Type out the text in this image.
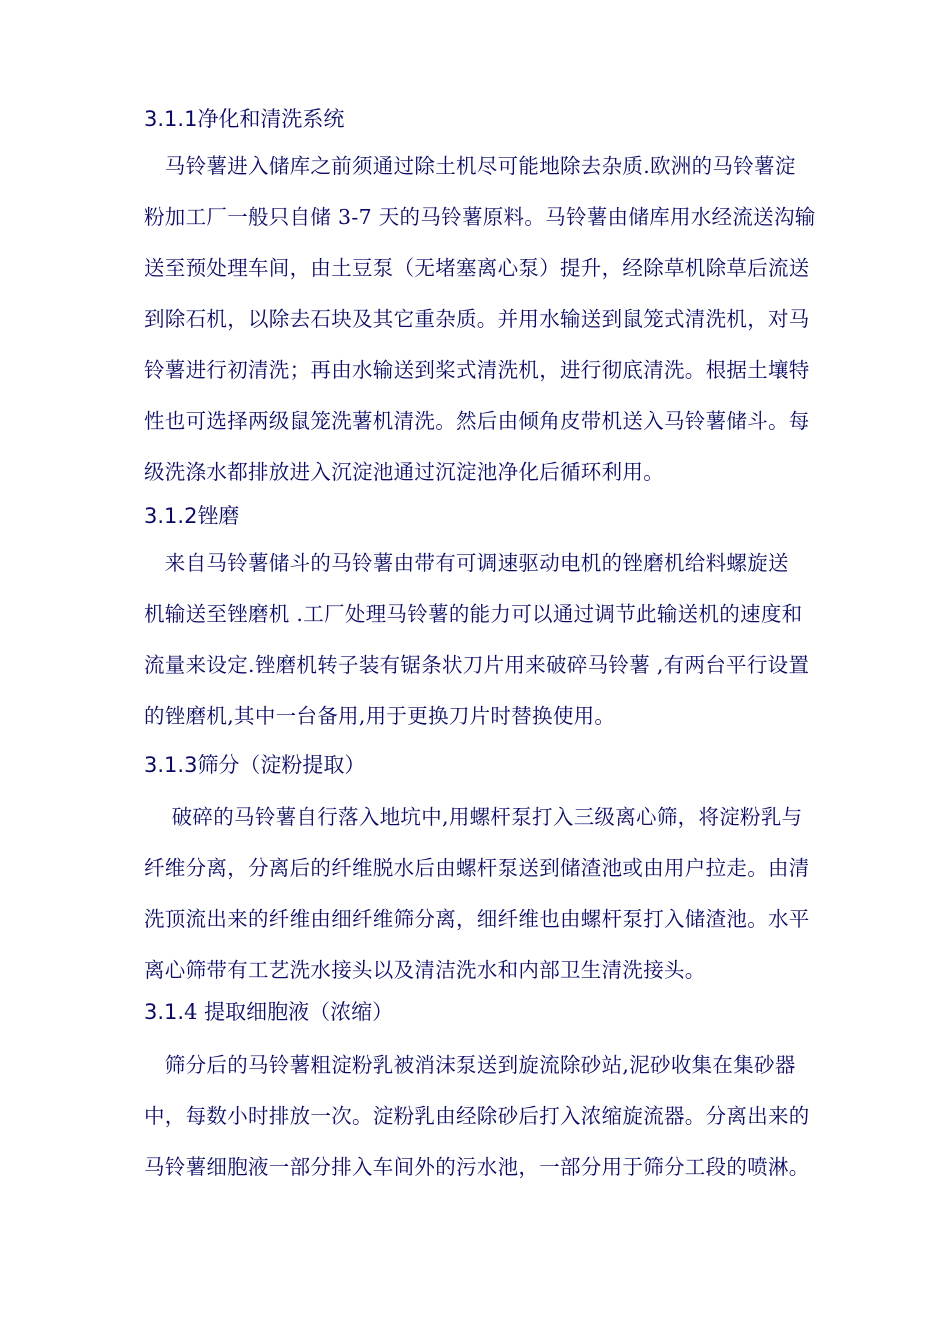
3.1.1净化和清洗系统
　马铃薯进入储库之前须通过除土机尽可能地除去杂质.欧洲的马铃薯淀
粉加工厂一般只自储 3-7 天的马铃薯原料。马铃薯由储库用水经流送沟输
送至预处理车间，由土豆泵（无堵塞离心泵）提升，经除草机除草后流送
到除石机，以除去石块及其它重杂质。并用水输送到鼠笼式清洗机，对马
铃薯进行初清洗；再由水输送到桨式清洗机，进行彻底清洗。根据土壤特
性也可选择两级鼠笼洗薯机清洗。然后由倾角皮带机送入马铃薯储斗。每
级洗涤水都排放进入沉淀池通过沉淀池净化后循环利用。
3.1.2锉磨
　来自马铃薯储斗的马铃薯由带有可调速驱动电机的锉磨机给料螺旋送
机输送至锉磨机 .工厂处理马铃薯的能力可以通过调节此输送机的速度和
流量来设定.锉磨机转子装有锯条状刀片用来破碎马铃薯 ,有两台平行设置
的锉磨机,其中一台备用,用于更换刀片时替换使用。
3.1.3筛分（淀粉提取）
　 破碎的马铃薯自行落入地坑中,用螺杆泵打入三级离心筛，将淀粉乳与
纤维分离，分离后的纤维脱水后由螺杆泵送到储渣池或由用户拉走。由清
洗顶流出来的纤维由细纤维筛分离，细纤维也由螺杆泵打入储渣池。水平
离心筛带有工艺洗水接头以及清洁洗水和内部卫生清洗接头。
3.1.4 提取细胞液（浓缩）
　筛分后的马铃薯粗淀粉乳被消沫泵送到旋流除砂站,泥砂收集在集砂器
中，每数小时排放一次。淀粉乳由经除砂后打入浓缩旋流器。分离出来的
马铃薯细胞液一部分排入车间外的污水池，一部分用于筛分工段的喷淋。
